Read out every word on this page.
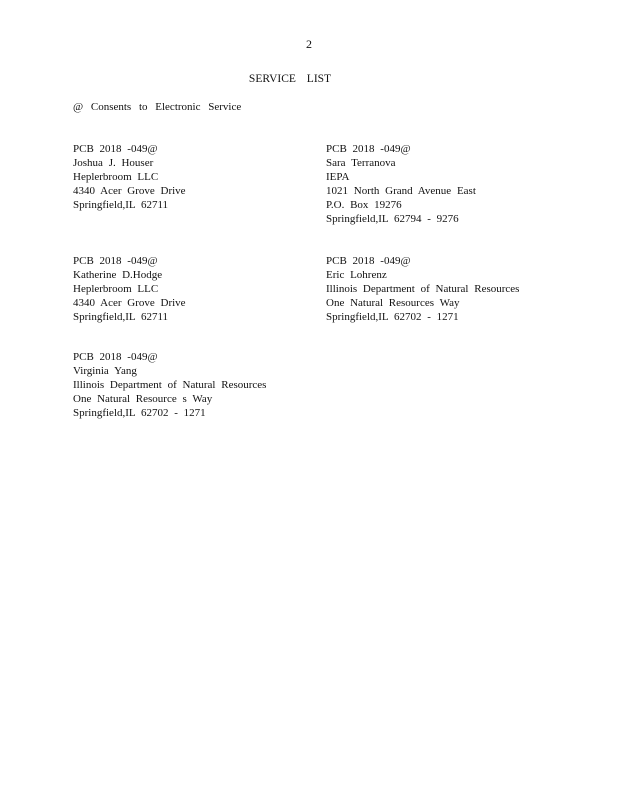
2
SERVICE LIST
@ Consents to Electronic Service
PCB 2018 -049@
Joshua J. Houser
Heplerbroom LLC
4340 Acer Grove Drive
Springfield,IL 62711
PCB 2018 -049@
Sara Terranova
IEPA
1021 North Grand Avenue East
P.O. Box 19276
Springfield,IL 62794 - 9276
PCB 2018 -049@
Katherine D.Hodge
Heplerbroom LLC
4340 Acer Grove Drive
Springfield,IL 62711
PCB 2018 -049@
Eric Lohrenz
Illinois Department of Natural Resources
One Natural Resources Way
Springfield,IL 62702 - 1271
PCB 2018 -049@
Virginia Yang
Illinois Department of Natural Resources
One Natural Resource s Way
Springfield,IL 62702 - 1271
